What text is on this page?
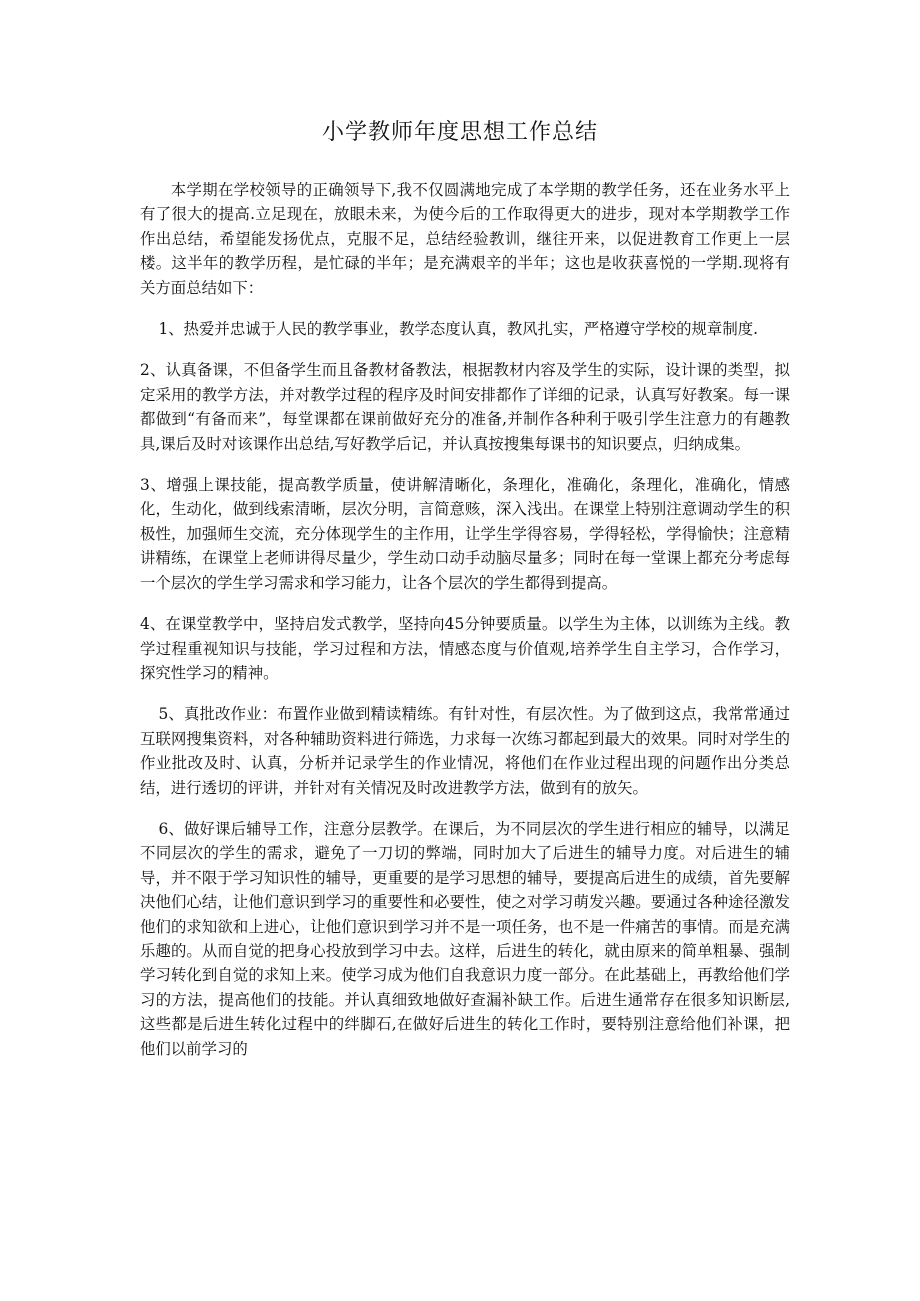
小学教师年度思想工作总结

本学期在学校领导的正确领导下,我不仅圆满地完成了本学期的教学任务，还在业务水平上有了很大的提高.立足现在，放眼未来，为使今后的工作取得更大的进步，现对本学期教学工作作出总结，希望能发扬优点，克服不足，总结经验教训，继往开来，以促进教育工作更上一层楼。这半年的教学历程，是忙碌的半年；是充满艰辛的半年；这也是收获喜悦的一学期.现将有关方面总结如下：

1、热爱并忠诚于人民的教学事业，教学态度认真，教风扎实，严格遵守学校的规章制度.

2、认真备课，不但备学生而且备教材备教法，根据教材内容及学生的实际，设计课的类型，拟定采用的教学方法，并对教学过程的程序及时间安排都作了详细的记录，认真写好教案。每一课都做到“有备而来”，每堂课都在课前做好充分的准备,并制作各种利于吸引学生注意力的有趣教具,课后及时对该课作出总结,写好教学后记，并认真按搜集每课书的知识要点，归纳成集。

3、增强上课技能，提高教学质量，使讲解清晰化，条理化，准确化，条理化，准确化，情感化，生动化，做到线索清晰，层次分明，言简意赅，深入浅出。在课堂上特别注意调动学生的积极性，加强师生交流，充分体现学生的主作用，让学生学得容易，学得轻松，学得愉快；注意精讲精练，在课堂上老师讲得尽量少，学生动口动手动脑尽量多；同时在每一堂课上都充分考虑每一个层次的学生学习需求和学习能力，让各个层次的学生都得到提高。

4、在课堂教学中，坚持启发式教学，坚持向45分钟要质量。以学生为主体，以训练为主线。教学过程重视知识与技能，学习过程和方法，情感态度与价值观,培养学生自主学习，合作学习，探究性学习的精神。

5、真批改作业：布置作业做到精读精练。有针对性，有层次性。为了做到这点，我常常通过互联网搜集资料，对各种辅助资料进行筛选，力求每一次练习都起到最大的效果。同时对学生的作业批改及时、认真，分析并记录学生的作业情况，将他们在作业过程出现的问题作出分类总结，进行透切的评讲，并针对有关情况及时改进教学方法，做到有的放矢。

6、做好课后辅导工作，注意分层教学。在课后，为不同层次的学生进行相应的辅导，以满足不同层次的学生的需求，避免了一刀切的弊端，同时加大了后进生的辅导力度。对后进生的辅导，并不限于学习知识性的辅导，更重要的是学习思想的辅导，要提高后进生的成绩，首先要解决他们心结，让他们意识到学习的重要性和必要性，使之对学习萌发兴趣。要通过各种途径激发他们的求知欲和上进心，让他们意识到学习并不是一项任务，也不是一件痛苦的事情。而是充满乐趣的。从而自觉的把身心投放到学习中去。这样，后进生的转化，就由原来的简单粗暴、强制学习转化到自觉的求知上来。使学习成为他们自我意识力度一部分。在此基础上，再教给他们学习的方法，提高他们的技能。并认真细致地做好查漏补缺工作。后进生通常存在很多知识断层,这些都是后进生转化过程中的绊脚石,在做好后进生的转化工作时，要特别注意给他们补课，把他们以前学习的
